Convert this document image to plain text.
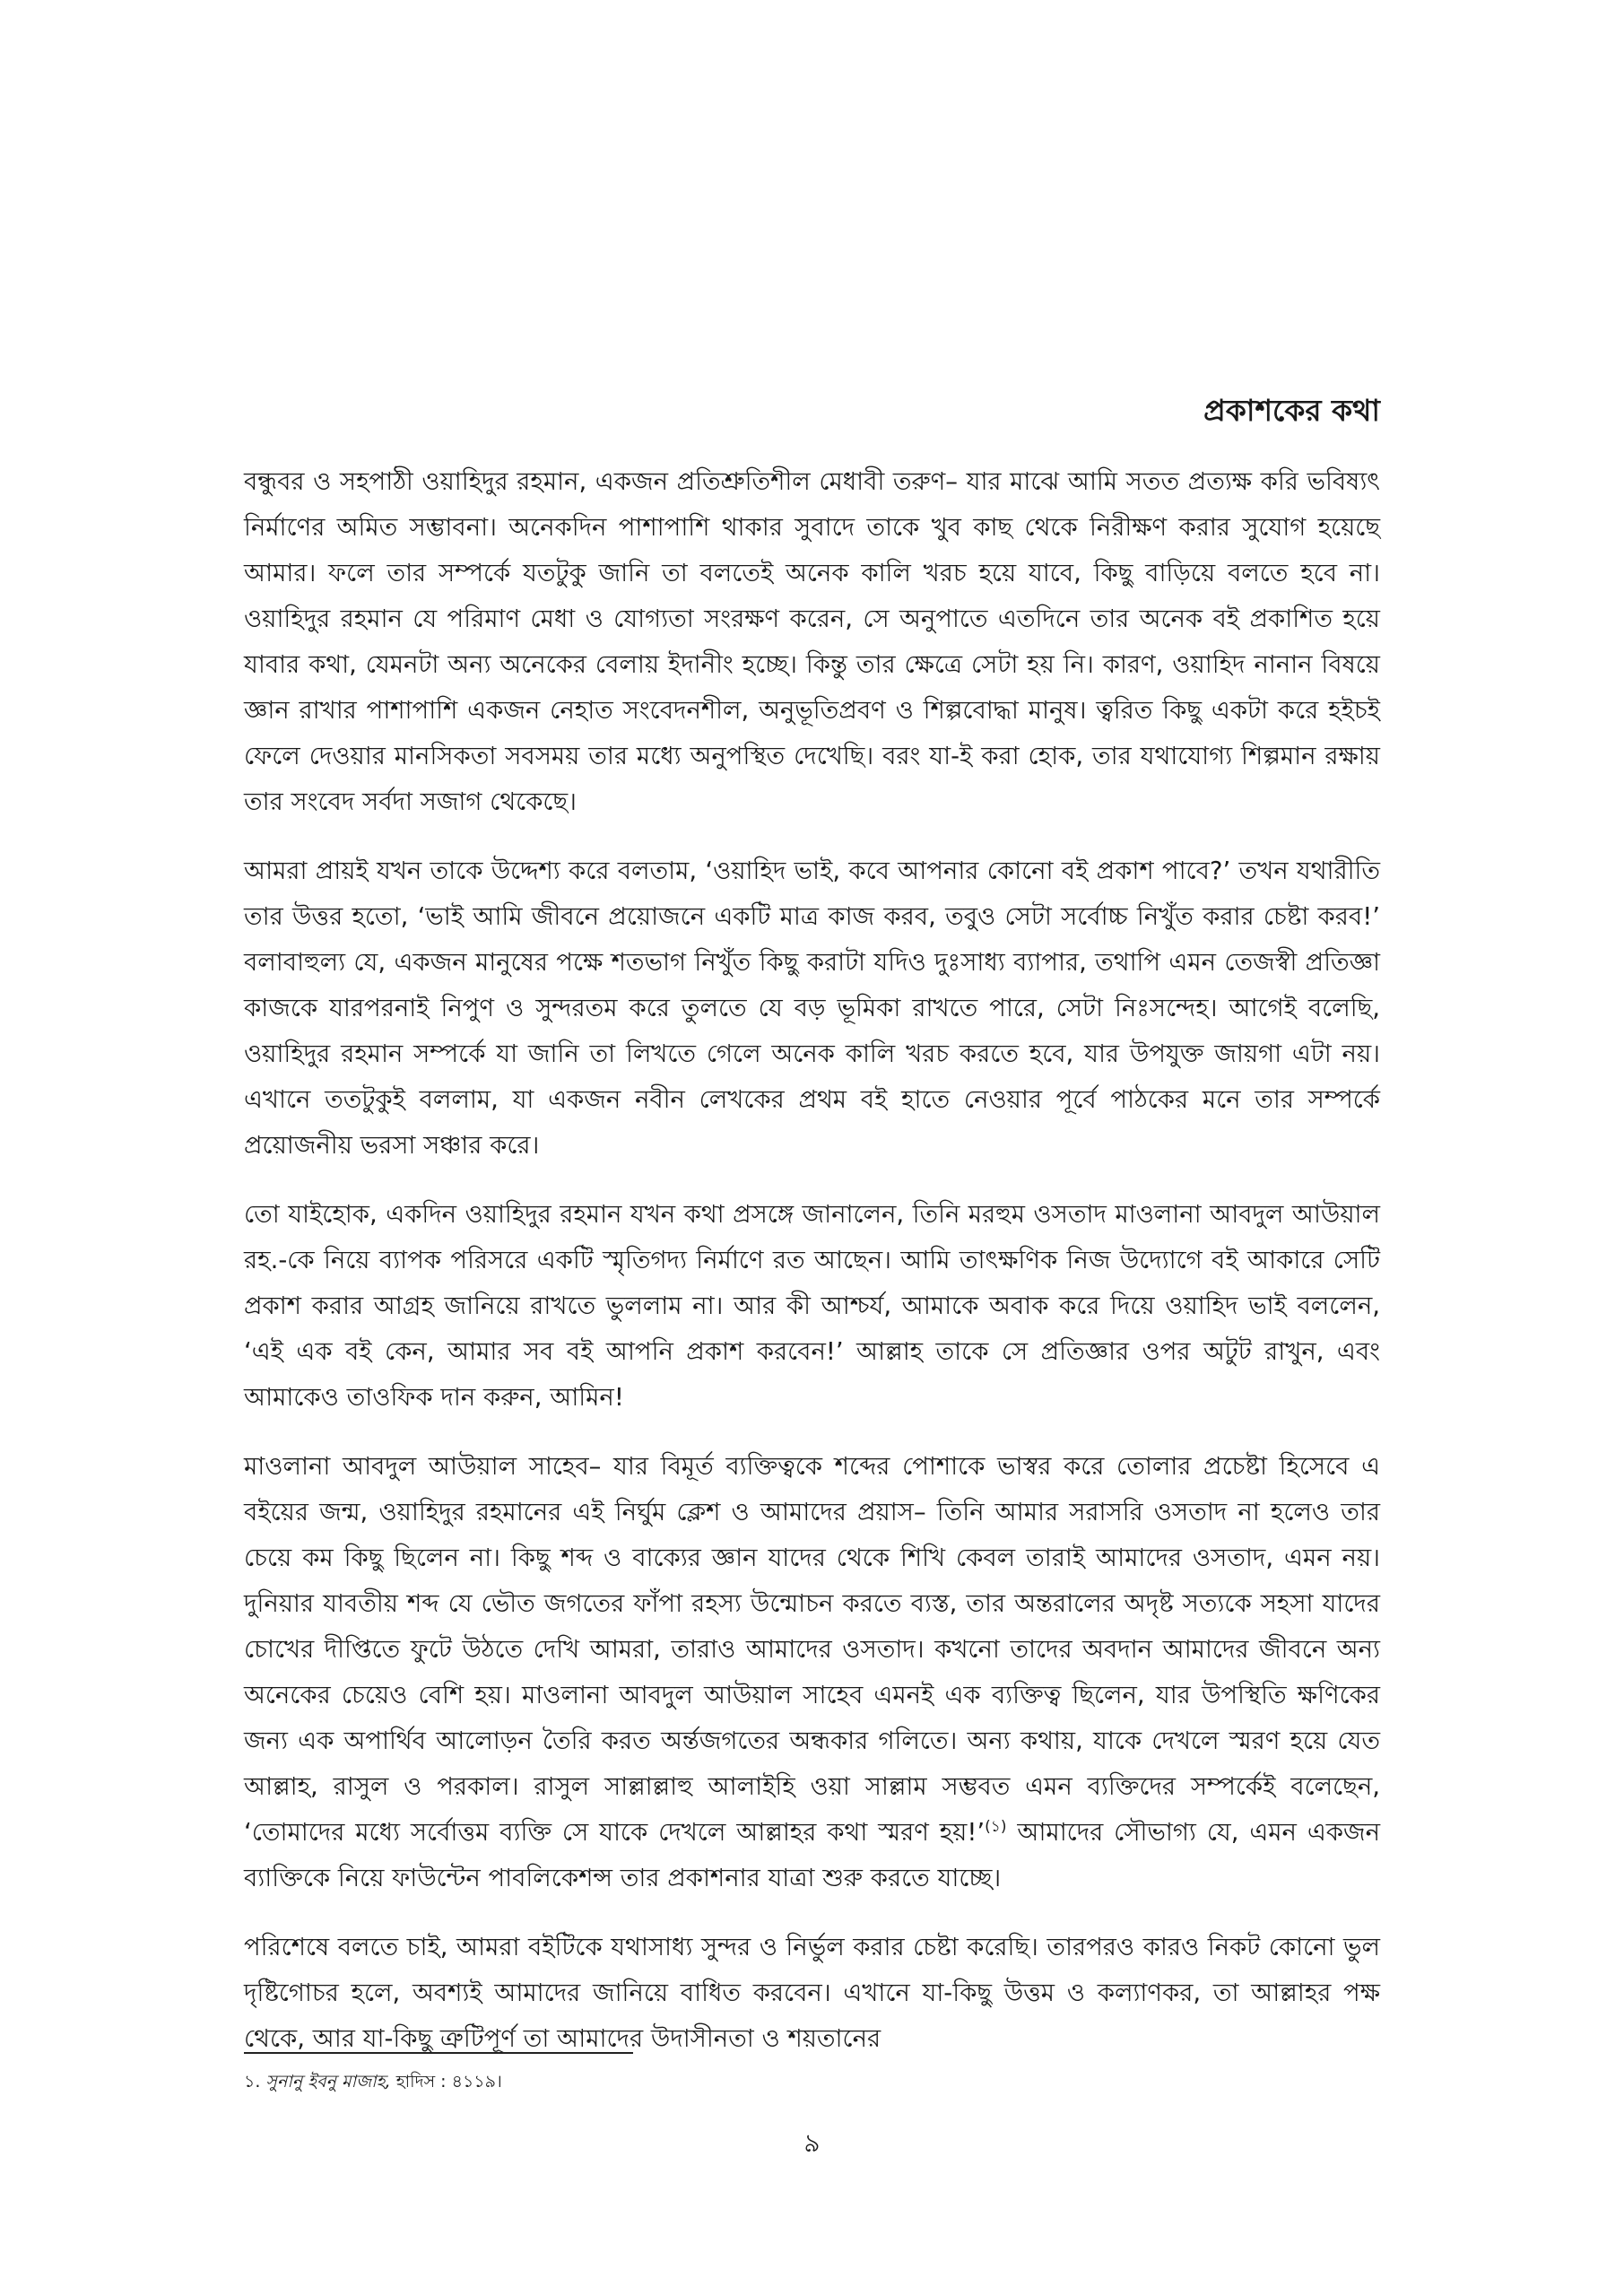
প্রকাশকের কথা

বন্ধুবর ও সহপাঠী ওয়াহিদুর রহমান, একজন প্রতিশ্রুতিশীল মেধাবী তরুণ– যার মাঝে আমি সতত প্রত্যক্ষ করি ভবিষ্যৎ নির্মাণের অমিত সম্ভাবনা। অনেকদিন পাশাপাশি থাকার সুবাদে তাকে খুব কাছ থেকে নিরীক্ষণ করার সুযোগ হয়েছে আমার। ফলে তার সম্পর্কে যতটুকু জানি তা বলতেই অনেক কালি খরচ হয়ে যাবে, কিছু বাড়িয়ে বলতে হবে না। ওয়াহিদুর রহমান যে পরিমাণ মেধা ও যোগ্যতা সংরক্ষণ করেন, সে অনুপাতে এতদিনে তার অনেক বই প্রকাশিত হয়ে যাবার কথা, যেমনটা অন্য অনেকের বেলায় ইদানীং হচ্ছে। কিন্তু তার ক্ষেত্রে সেটা হয় নি। কারণ, ওয়াহিদ নানান বিষয়ে জ্ঞান রাখার পাশাপাশি একজন নেহাত সংবেদনশীল, অনুভূতিপ্রবণ ও শিল্পবোদ্ধা মানুষ। ত্বরিত কিছু একটা করে হইচই ফেলে দেওয়ার মানসিকতা সবসময় তার মধ্যে অনুপস্থিত দেখেছি। বরং যা-ই করা হোক, তার যথাযোগ্য শিল্পমান রক্ষায় তার সংবেদ সর্বদা সজাগ থেকেছে।

আমরা প্রায়ই যখন তাকে উদ্দেশ্য করে বলতাম, ‘ওয়াহিদ ভাই, কবে আপনার কোনো বই প্রকাশ পাবে?’ তখন যথারীতি তার উত্তর হতো, ‘ভাই আমি জীবনে প্রয়োজনে একটি মাত্র কাজ করব, তবুও সেটা সর্বোচ্চ নিখুঁত করার চেষ্টা করব!’ বলাবাহুল্য যে, একজন মানুষের পক্ষে শতভাগ নিখুঁত কিছু করাটা যদিও দুঃসাধ্য ব্যাপার, তথাপি এমন তেজস্বী প্রতিজ্ঞা কাজকে যারপরনাই নিপুণ ও সুন্দরতম করে তুলতে যে বড় ভূমিকা রাখতে পারে, সেটা নিঃসন্দেহ। আগেই বলেছি, ওয়াহিদুর রহমান সম্পর্কে যা জানি তা লিখতে গেলে অনেক কালি খরচ করতে হবে, যার উপযুক্ত জায়গা এটা নয়। এখানে ততটুকুই বললাম, যা একজন নবীন লেখকের প্রথম বই হাতে নেওয়ার পূর্বে পাঠকের মনে তার সম্পর্কে প্রয়োজনীয় ভরসা সঞ্চার করে।

তো যাইহোক, একদিন ওয়াহিদুর রহমান যখন কথা প্রসঙ্গে জানালেন, তিনি মরহুম ওসতাদ মাওলানা আবদুল আউয়াল রহ.-কে নিয়ে ব্যাপক পরিসরে একটি স্মৃতিগদ্য নির্মাণে রত আছেন। আমি তাৎক্ষণিক নিজ উদ্যোগে বই আকারে সেটি প্রকাশ করার আগ্রহ জানিয়ে রাখতে ভুললাম না। আর কী আশ্চর্য, আমাকে অবাক করে দিয়ে ওয়াহিদ ভাই বললেন, ‘এই এক বই কেন, আমার সব বই আপনি প্রকাশ করবেন!’ আল্লাহ তাকে সে প্রতিজ্ঞার ওপর অটুট রাখুন, এবং আমাকেও তাওফিক দান করুন, আমিন!

মাওলানা আবদুল আউয়াল সাহেব– যার বিমূর্ত ব্যক্তিত্বকে শব্দের পোশাকে ভাস্বর করে তোলার প্রচেষ্টা হিসেবে এ বইয়ের জন্ম, ওয়াহিদুর রহমানের এই নির্ঘুম ক্লেশ ও আমাদের প্রয়াস– তিনি আমার সরাসরি ওসতাদ না হলেও তার চেয়ে কম কিছু ছিলেন না। কিছু শব্দ ও বাক্যের জ্ঞান যাদের থেকে শিখি কেবল তারাই আমাদের ওসতাদ, এমন নয়। দুনিয়ার যাবতীয় শব্দ যে ভৌত জগতের ফাঁপা রহস্য উন্মোচন করতে ব্যস্ত, তার অন্তরালের অদৃষ্ট সত্যকে সহসা যাদের চোখের দীপ্তিতে ফুটে উঠতে দেখি আমরা, তারাও আমাদের ওসতাদ। কখনো তাদের অবদান আমাদের জীবনে অন্য অনেকের চেয়েও বেশি হয়। মাওলানা আবদুল আউয়াল সাহেব এমনই এক ব্যক্তিত্ব ছিলেন, যার উপস্থিতি ক্ষণিকের জন্য এক অপার্থিব আলোড়ন তৈরি করত অর্ন্তজগতের অন্ধকার গলিতে। অন্য কথায়, যাকে দেখলে স্মরণ হয়ে যেত আল্লাহ, রাসুল ও পরকাল। রাসুল সাল্লাল্লাহু আলাইহি ওয়া সাল্লাম সম্ভবত এমন ব্যক্তিদের সম্পর্কেই বলেছেন, ‘তোমাদের মধ্যে সর্বোত্তম ব্যক্তি সে যাকে দেখলে আল্লাহর কথা স্মরণ হয়!’$^{(১)}$ আমাদের সৌভাগ্য যে, এমন একজন ব্যাক্তিকে নিয়ে ফাউন্টেন পাবলিকেশন্স তার প্রকাশনার যাত্রা শুরু করতে যাচ্ছে।

পরিশেষে বলতে চাই, আমরা বইটিকে যথাসাধ্য সুন্দর ও নির্ভুল করার চেষ্টা করেছি। তারপরও কারও নিকট কোনো ভুল দৃষ্টিগোচর হলে, অবশ্যই আমাদের জানিয়ে বাধিত করবেন। এখানে যা-কিছু উত্তম ও কল্যাণকর, তা আল্লাহর পক্ষ থেকে, আর যা-কিছু ত্রুটিপূর্ণ তা আমাদের উদাসীনতা ও শয়তানের

১. সুনানু ইবনু মাজাহ, হাদিস : ৪১১৯।
৯
